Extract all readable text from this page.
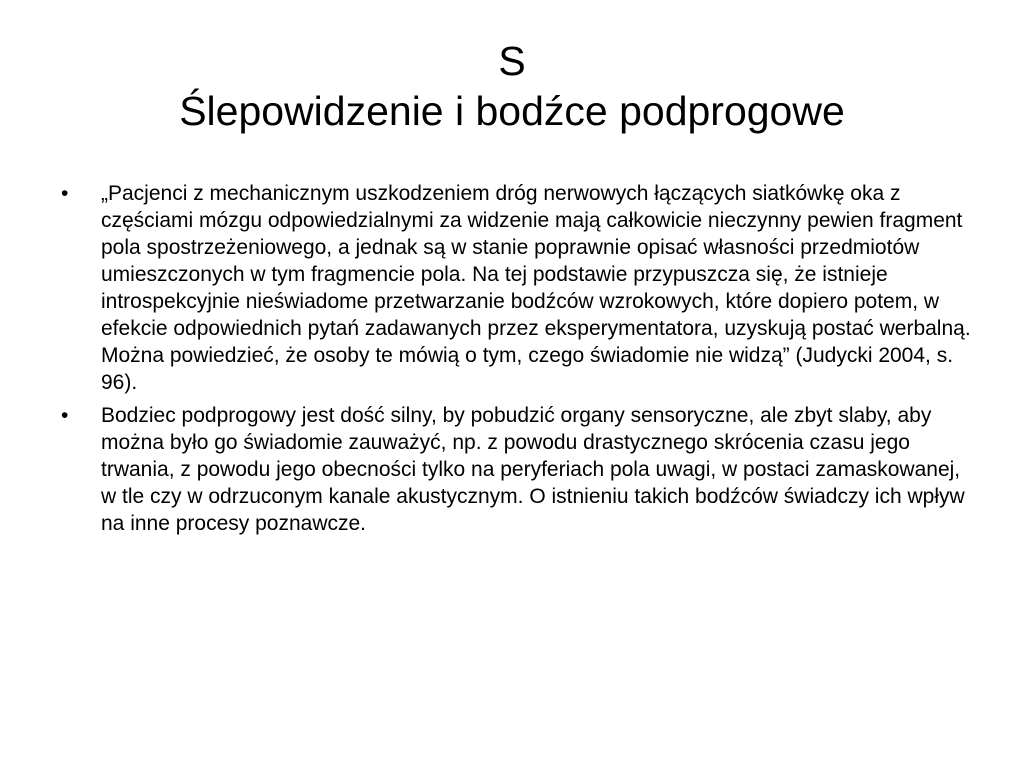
S
Ślepowidzenie i bodźce podprogowe
•	„Pacjenci z mechanicznym uszkodzeniem dróg nerwowych łączących siatkówkę oka z częściami mózgu odpowiedzialnymi za widzenie mają całkowicie nieczynny pewien fragment pola spostrzeżeniowego, a jednak są w stanie poprawnie opisać własności przedmiotów umieszczonych w tym fragmencie pola. Na tej podstawie przypuszcza się, że istnieje introspekcyjnie nieświadome przetwarzanie bodźców wzrokowych, które dopiero potem, w efekcie odpowiednich pytań zadawanych przez eksperymentatora, uzyskują postać werbalną. Można powiedzieć, że osoby te mówią o tym, czego świadomie nie widzą” (Judycki 2004, s. 96).
•	Bodziec podprogowy jest dość silny, by pobudzić organy sensoryczne, ale zbyt slaby, aby można było go świadomie zauważyć, np. z powodu drastycznego skrócenia czasu jego trwania, z powodu jego obecności tylko na peryferiach pola uwagi, w postaci zamaskowanej, w tle czy w odrzuconym kanale akustycznym. O istnieniu takich bodźców świadczy ich wpływ na inne procesy poznawcze.
